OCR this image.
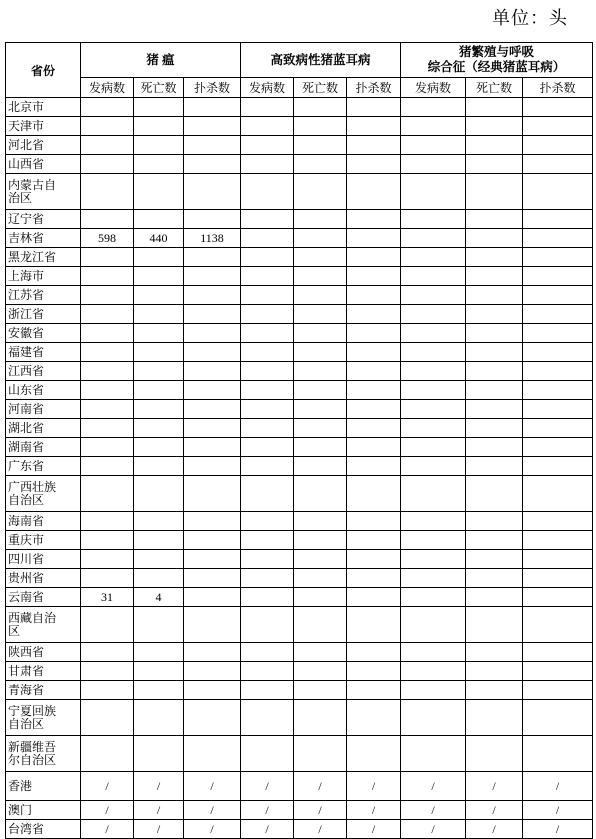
单位：头
省份	猪 瘟			高致病性猪蓝耳病			猪繁殖与呼吸
综合征（经典猪蓝耳病）		
	发病数	死亡数	扑杀数	发病数	死亡数	扑杀数	发病数	死亡数	扑杀数
北京市									
天津市									
河北省									
山西省									
内蒙古自
治区									
辽宁省									
吉林省	598	440	1138						
黑龙江省									
上海市									
江苏省									
浙江省									
安徽省									
福建省									
江西省									
山东省									
河南省									
湖北省									
湖南省									
广东省									
广西壮族
自治区									
海南省									
重庆市									
四川省									
贵州省									
云南省	31	4							
西藏自治
区									
陕西省									
甘肃省									
青海省									
宁夏回族
自治区									
新疆维吾
尔自治区									
香港	/	/	/	/	/	/	/	/	/
澳门	/	/	/	/	/	/	/	/	/
台湾省	/	/	/	/	/	/	/	/	/
